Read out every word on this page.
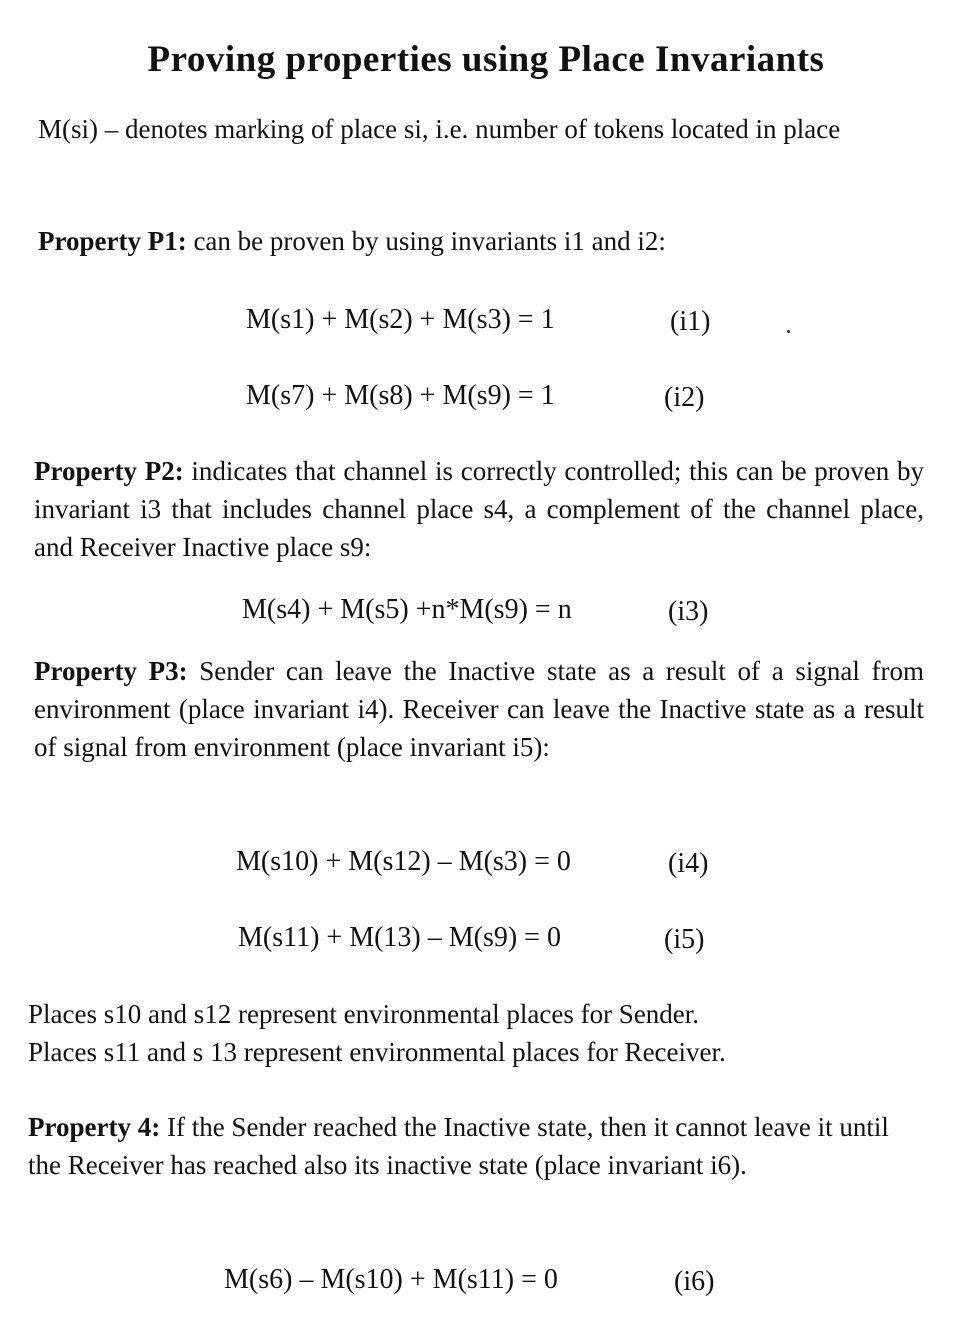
Proving properties using Place Invariants

M(si) – denotes marking of place si, i.e. number of tokens located in place

Property P1: can be proven by using invariants i1 and i2:

M(s1) + M(s2) + M(s3) = 1	(i1)
M(s7) + M(s8) + M(s9) = 1	(i2)

Property P2: indicates that channel is correctly controlled; this can be proven by invariant i3 that includes channel place s4, a complement of the channel place, and Receiver Inactive place s9:

M(s4) + M(s5) +n*M(s9) = n	(i3)

Property P3: Sender can leave the Inactive state as a result of a signal from environment (place invariant i4). Receiver can leave the Inactive state as a result of signal from environment (place invariant i5):

M(s10) + M(s12) – M(s3) = 0	(i4)
M(s11) + M(13) – M(s9) = 0	(i5)

Places s10 and s12 represent environmental places for Sender.
Places s11 and s 13 represent environmental places for Receiver.

Property 4: If the Sender reached the Inactive state, then it cannot leave it until the Receiver has reached also its inactive state (place invariant i6).

M(s6) – M(s10) + M(s11) = 0	(i6)
